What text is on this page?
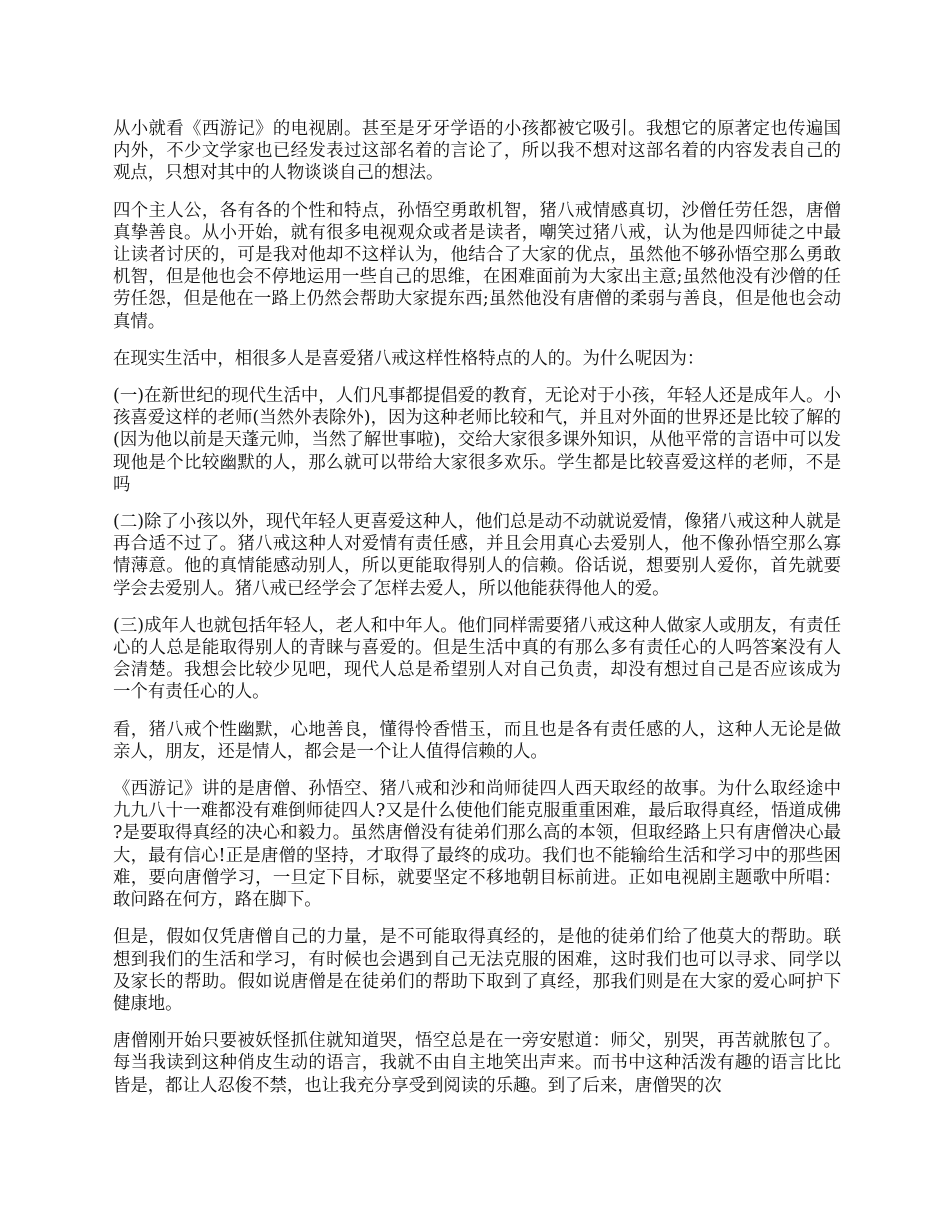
从小就看《西游记》的电视剧。甚至是牙牙学语的小孩都被它吸引。我想它的原著定也传遍国内外，不少文学家也已经发表过这部名着的言论了，所以我不想对这部名着的内容发表自己的观点，只想对其中的人物谈谈自己的想法。

四个主人公，各有各的个性和特点，孙悟空勇敢机智，猪八戒情感真切，沙僧任劳任怨，唐僧真挚善良。从小开始，就有很多电视观众或者是读者，嘲笑过猪八戒，认为他是四师徒之中最让读者讨厌的，可是我对他却不这样认为，他结合了大家的优点，虽然他不够孙悟空那么勇敢机智，但是他也会不停地运用一些自己的思维，在困难面前为大家出主意;虽然他没有沙僧的任劳任怨，但是他在一路上仍然会帮助大家提东西;虽然他没有唐僧的柔弱与善良，但是他也会动真情。

在现实生活中，相很多人是喜爱猪八戒这样性格特点的人的。为什么呢因为：

(一)在新世纪的现代生活中，人们凡事都提倡爱的教育，无论对于小孩，年轻人还是成年人。小孩喜爱这样的老师(当然外表除外)，因为这种老师比较和气，并且对外面的世界还是比较了解的(因为他以前是天蓬元帅，当然了解世事啦)，交给大家很多课外知识，从他平常的言语中可以发现他是个比较幽默的人，那么就可以带给大家很多欢乐。学生都是比较喜爱这样的老师，不是吗

(二)除了小孩以外，现代年轻人更喜爱这种人，他们总是动不动就说爱情，像猪八戒这种人就是再合适不过了。猪八戒这种人对爱情有责任感，并且会用真心去爱别人，他不像孙悟空那么寡情薄意。他的真情能感动别人，所以更能取得别人的信赖。俗话说，想要别人爱你，首先就要学会去爱别人。猪八戒已经学会了怎样去爱人，所以他能获得他人的爱。

(三)成年人也就包括年轻人，老人和中年人。他们同样需要猪八戒这种人做家人或朋友，有责任心的人总是能取得别人的青睐与喜爱的。但是生活中真的有那么多有责任心的人吗答案没有人会清楚。我想会比较少见吧，现代人总是希望别人对自己负责，却没有想过自己是否应该成为一个有责任心的人。

看，猪八戒个性幽默，心地善良，懂得怜香惜玉，而且也是各有责任感的人，这种人无论是做亲人，朋友，还是情人，都会是一个让人值得信赖的人。

《西游记》讲的是唐僧、孙悟空、猪八戒和沙和尚师徒四人西天取经的故事。为什么取经途中九九八十一难都没有难倒师徒四人?又是什么使他们能克服重重困难，最后取得真经，悟道成佛?是要取得真经的决心和毅力。虽然唐僧没有徒弟们那么高的本领，但取经路上只有唐僧决心最大，最有信心!正是唐僧的坚持，才取得了最终的成功。我们也不能输给生活和学习中的那些困难，要向唐僧学习，一旦定下目标，就要坚定不移地朝目标前进。正如电视剧主题歌中所唱：敢问路在何方，路在脚下。

但是，假如仅凭唐僧自己的力量，是不可能取得真经的，是他的徒弟们给了他莫大的帮助。联想到我们的生活和学习，有时候也会遇到自己无法克服的困难，这时我们也可以寻求、同学以及家长的帮助。假如说唐僧是在徒弟们的帮助下取到了真经，那我们则是在大家的爱心呵护下健康地。

唐僧刚开始只要被妖怪抓住就知道哭，悟空总是在一旁安慰道：师父，别哭，再苦就脓包了。每当我读到这种俏皮生动的语言，我就不由自主地笑出声来。而书中这种活泼有趣的语言比比皆是，都让人忍俊不禁，也让我充分享受到阅读的乐趣。到了后来，唐僧哭的次
